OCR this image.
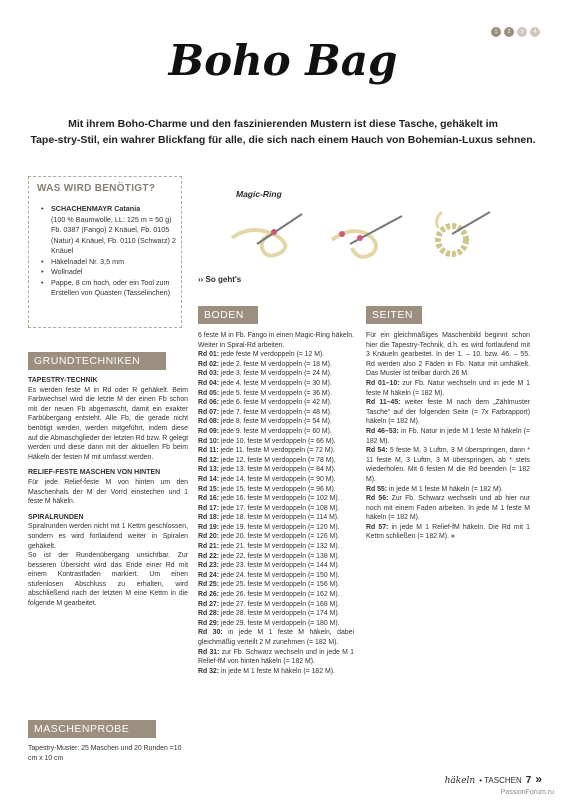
1	2	3	4
Boho Bag
Mit ihrem Boho-Charme und den faszinierenden Mustern ist diese Tasche, gehäkelt im
Tape-stry-Stil, ein wahrer Blickfang für alle, die sich nach einem Hauch von Bohemian-Luxus sehnen.
WAS WIRD BENÖTIGT?
• SCHACHENMAYR Catania
(100 % Baumwolle, LL: 125 m = 50 g) Fb. 0387 (Fango) 2 Knäuel, Fb. 0105 (Natur) 4 Knäuel, Fb. 0110 (Schwarz) 2 Knäuel
• Häkelnadel Nr. 3,5 mm
• Wollnadel
• Pappe, 8 cm hoch, oder ein Tool zum Erstellen von Quasten (Tasselinchen)
Magic-Ring
›› So geht's
GRUNDTECHNIKEN
TAPESTRY-TECHNIK

Es werden feste M in Rd oder R gehäkelt. Beim Farbwechsel wird die letzte M der einen Fb schon mit der neuen Fb abgemascht, damit ein exakter Farbübergang entsteht. Alle Fb, die gerade nicht benötigt werden, werden mitgeführt, indem diese auf die Abmaschglieder der letzten Rd bzw. R gelegt werden und diese dann mit der aktuellen Fb beim Häkeln der festen M mit umfasst werden.

RELIEF-FESTE MASCHEN VON HINTEN

Für jede Relief-feste M von hinten um den Maschenhals der M der Vorrd einstechen und 1 feste M häkeln.

SPIRALRUNDEN

Spiralrunden werden nicht mit 1 Kettm geschlossen, sondern es wird fortlaufend weiter in Spiralen gehäkelt.

So ist der Rundenübergang unsichtbar. Zur besseren Übersicht wird das Ende einer Rd mit einem Kontrastfaden markiert. Um einen stufenlosen Abschluss zu erhalten, wird abschließend nach der letzten M eine Kettm in die folgende M gearbeitet.

MASCHENPROBE
Tapestry-Muster: 25 Maschen und 20 Runden =10 cm x 10 cm
BODEN

6 feste M in Fb. Fango in einen Magic-Ring häkeln. Weiter in Spiral-Rd arbeiten.

Rd 01: jede feste M verdoppeln (= 12 M).

Rd 02: jede 2. feste M verdoppeln (= 18 M).

Rd 03: jede 3. feste M verdoppeln (= 24 M).

Rd 04: jede 4. feste M verdoppeln (= 30 M).

Rd 05: jede 5. feste M verdoppeln (= 36 M).

Rd 06: jede 6. feste M verdoppeln (= 42 M).

Rd 07: jede 7. feste M verdoppeln (= 48 M).

Rd 08: jede 8. feste M verdoppeln (= 54 M).

Rd 09: jede 9. feste M verdoppeln (= 60 M).

Rd 10: jede 10. feste M verdoppeln (= 66 M).

Rd 11: jede 11. feste M verdoppeln (= 72 M).

Rd 12: jede 12. feste M verdoppeln (= 78 M).

Rd 13: jede 13. feste M verdoppeln (= 84 M).

Rd 14: jede 14. feste M verdoppeln (= 90 M).

Rd 15: jede 15. feste M verdoppeln (= 96 M).

Rd 16: jede 16. feste M verdoppeln (= 102 M).

Rd 17: jede 17. feste M verdoppeln (= 108 M).

Rd 18: jede 18. feste M verdoppeln (= 114 M).

Rd 19: jede 19. feste M verdoppeln (= 120 M).

Rd 20: jede 20. feste M verdoppeln (= 126 M).

Rd 21: jede 21. feste M verdoppeln (= 132 M).

Rd 22: jede 22. feste M verdoppeln (= 138 M).

Rd 23: jede 23. feste M verdoppeln (= 144 M).

Rd 24: jede 24. feste M verdoppeln (= 150 M).

Rd 25: jede 25. feste M verdoppeln (= 156 M).

Rd 26: jede 26. feste M verdoppeln (= 162 M).

Rd 27: jede 27. feste M verdoppeln (= 168 M).

Rd 28: jede 28. feste M verdoppeln (= 174 M).

Rd 29: jede 29. feste M verdoppeln (= 180 M).

Rd 30: in jede M 1 feste M häkeln, dabei gleichmäßig verteilt 2 M zunehmen (= 182 M).

Rd 31: zur Fb. Schwarz wechseln und in jede M 1 Relief-fM von hinten häkeln (= 182 M).

Rd 32: in jede M 1 feste M häkeln (= 182 M).

SEITEN

Für ein gleichmäßiges Maschenbild beginnt schon hier die Tapestry-Technik, d.h. es wird fortlaufend mit 3 Knäueln gearbeitet. In der 1. – 10. bzw. 46. – 55. Rd werden also 2 Fäden in Fb. Natur mit umhäkelt. Das Muster ist teilbar durch 26 M.

Rd 01–10: zur Fb. Natur wechseln und in jede M 1 feste M häkeln (= 182 M).

Rd 11–45: weiter feste M nach dem „Zählmuster Tasche“ auf der folgenden Seite (= 7x Farbrapport) häkeln (= 182 M).

Rd 46–53: in Fb. Natur in jede M 1 feste M häkeln (= 182 M).

Rd 54: 5 feste M, 3 Luftm, 3 M überspringen, dann * 11 feste M, 3 Luftm, 3 M überspringen, ab * stets wiederholen. Mit 6 festen M die Rd beenden (= 182 M).

Rd 55: in jede M 1 feste M häkeln (= 182 M).

Rd 56: Zur Fb. Schwarz wechseln und ab hier nur noch mit einem Faden arbeiten. In jede M 1 feste M häkeln (= 182 M).

Rd 57: in jede M 1 Relief-fM häkeln. Die Rd mit 1 Kettm schließen (= 182 M). »

häkeln • TASCHEN 7 »
PassionForum.ru
